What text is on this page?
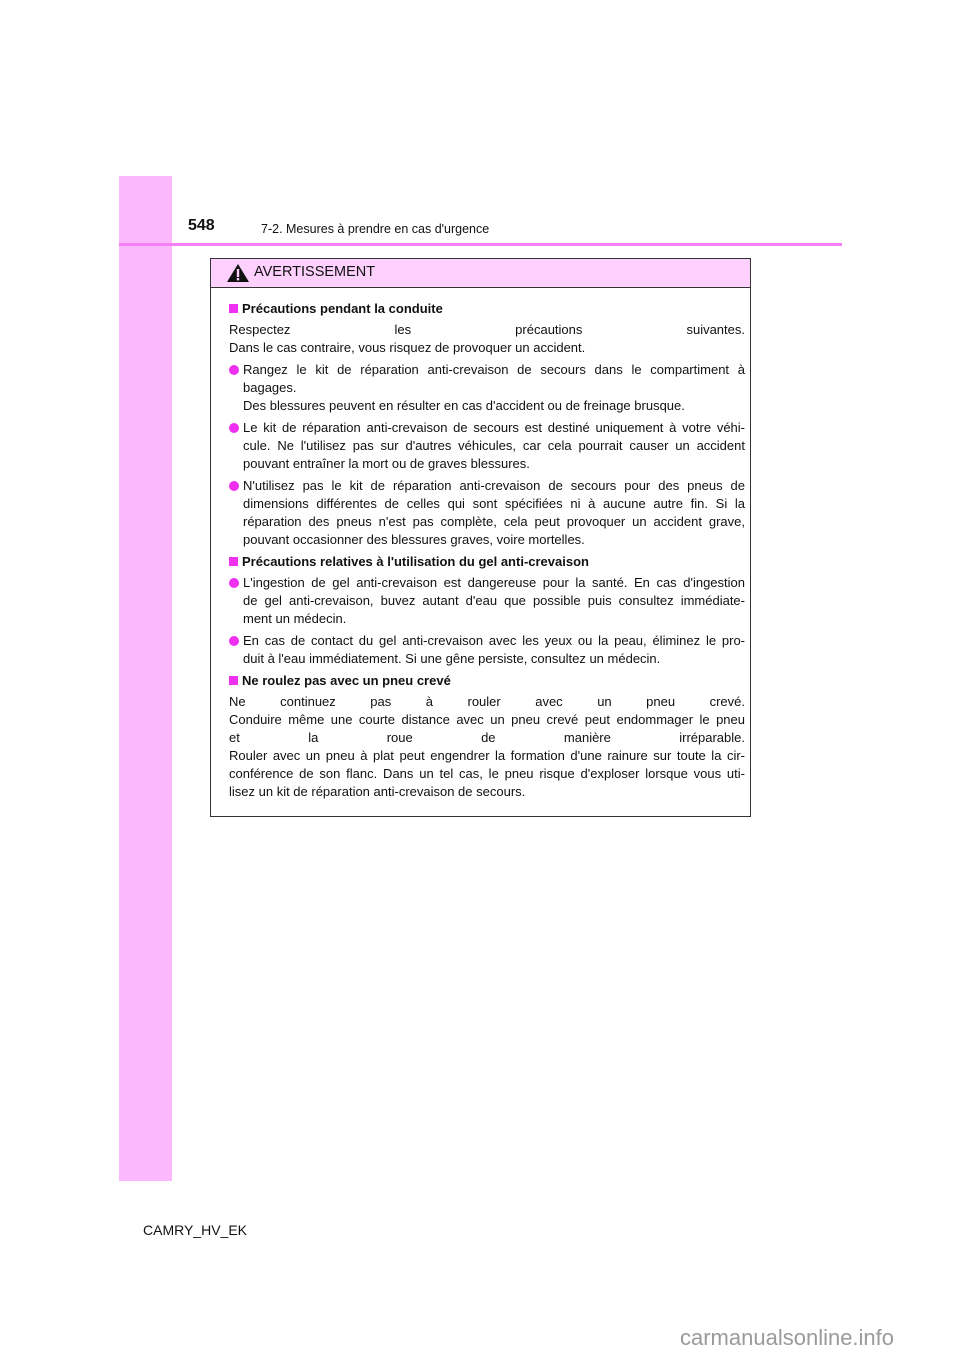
548	7-2. Mesures à prendre en cas d'urgence
AVERTISSEMENT
Précautions pendant la conduite
Respectez les précautions suivantes.
Dans le cas contraire, vous risquez de provoquer un accident.
Rangez le kit de réparation anti-crevaison de secours dans le compartiment à
bagages.
Des blessures peuvent en résulter en cas d'accident ou de freinage brusque.
Le kit de réparation anti-crevaison de secours est destiné uniquement à votre véhi-
cule. Ne l'utilisez pas sur d'autres véhicules, car cela pourrait causer un accident
pouvant entraîner la mort ou de graves blessures.
N'utilisez pas le kit de réparation anti-crevaison de secours pour des pneus de
dimensions différentes de celles qui sont spécifiées ni à aucune autre fin. Si la
réparation des pneus n'est pas complète, cela peut provoquer un accident grave,
pouvant occasionner des blessures graves, voire mortelles.
Précautions relatives à l'utilisation du gel anti-crevaison
L'ingestion de gel anti-crevaison est dangereuse pour la santé. En cas d'ingestion
de gel anti-crevaison, buvez autant d'eau que possible puis consultez immédiate-
ment un médecin.
En cas de contact du gel anti-crevaison avec les yeux ou la peau, éliminez le pro-
duit à l'eau immédiatement. Si une gêne persiste, consultez un médecin.
Ne roulez pas avec un pneu crevé
Ne continuez pas à rouler avec un pneu crevé.
Conduire même une courte distance avec un pneu crevé peut endommager le pneu
et la roue de manière irréparable.
Rouler avec un pneu à plat peut engendrer la formation d'une rainure sur toute la cir-
conférence de son flanc. Dans un tel cas, le pneu risque d'exploser lorsque vous uti-
lisez un kit de réparation anti-crevaison de secours.
CAMRY_HV_EK
carmanualsonline.info
